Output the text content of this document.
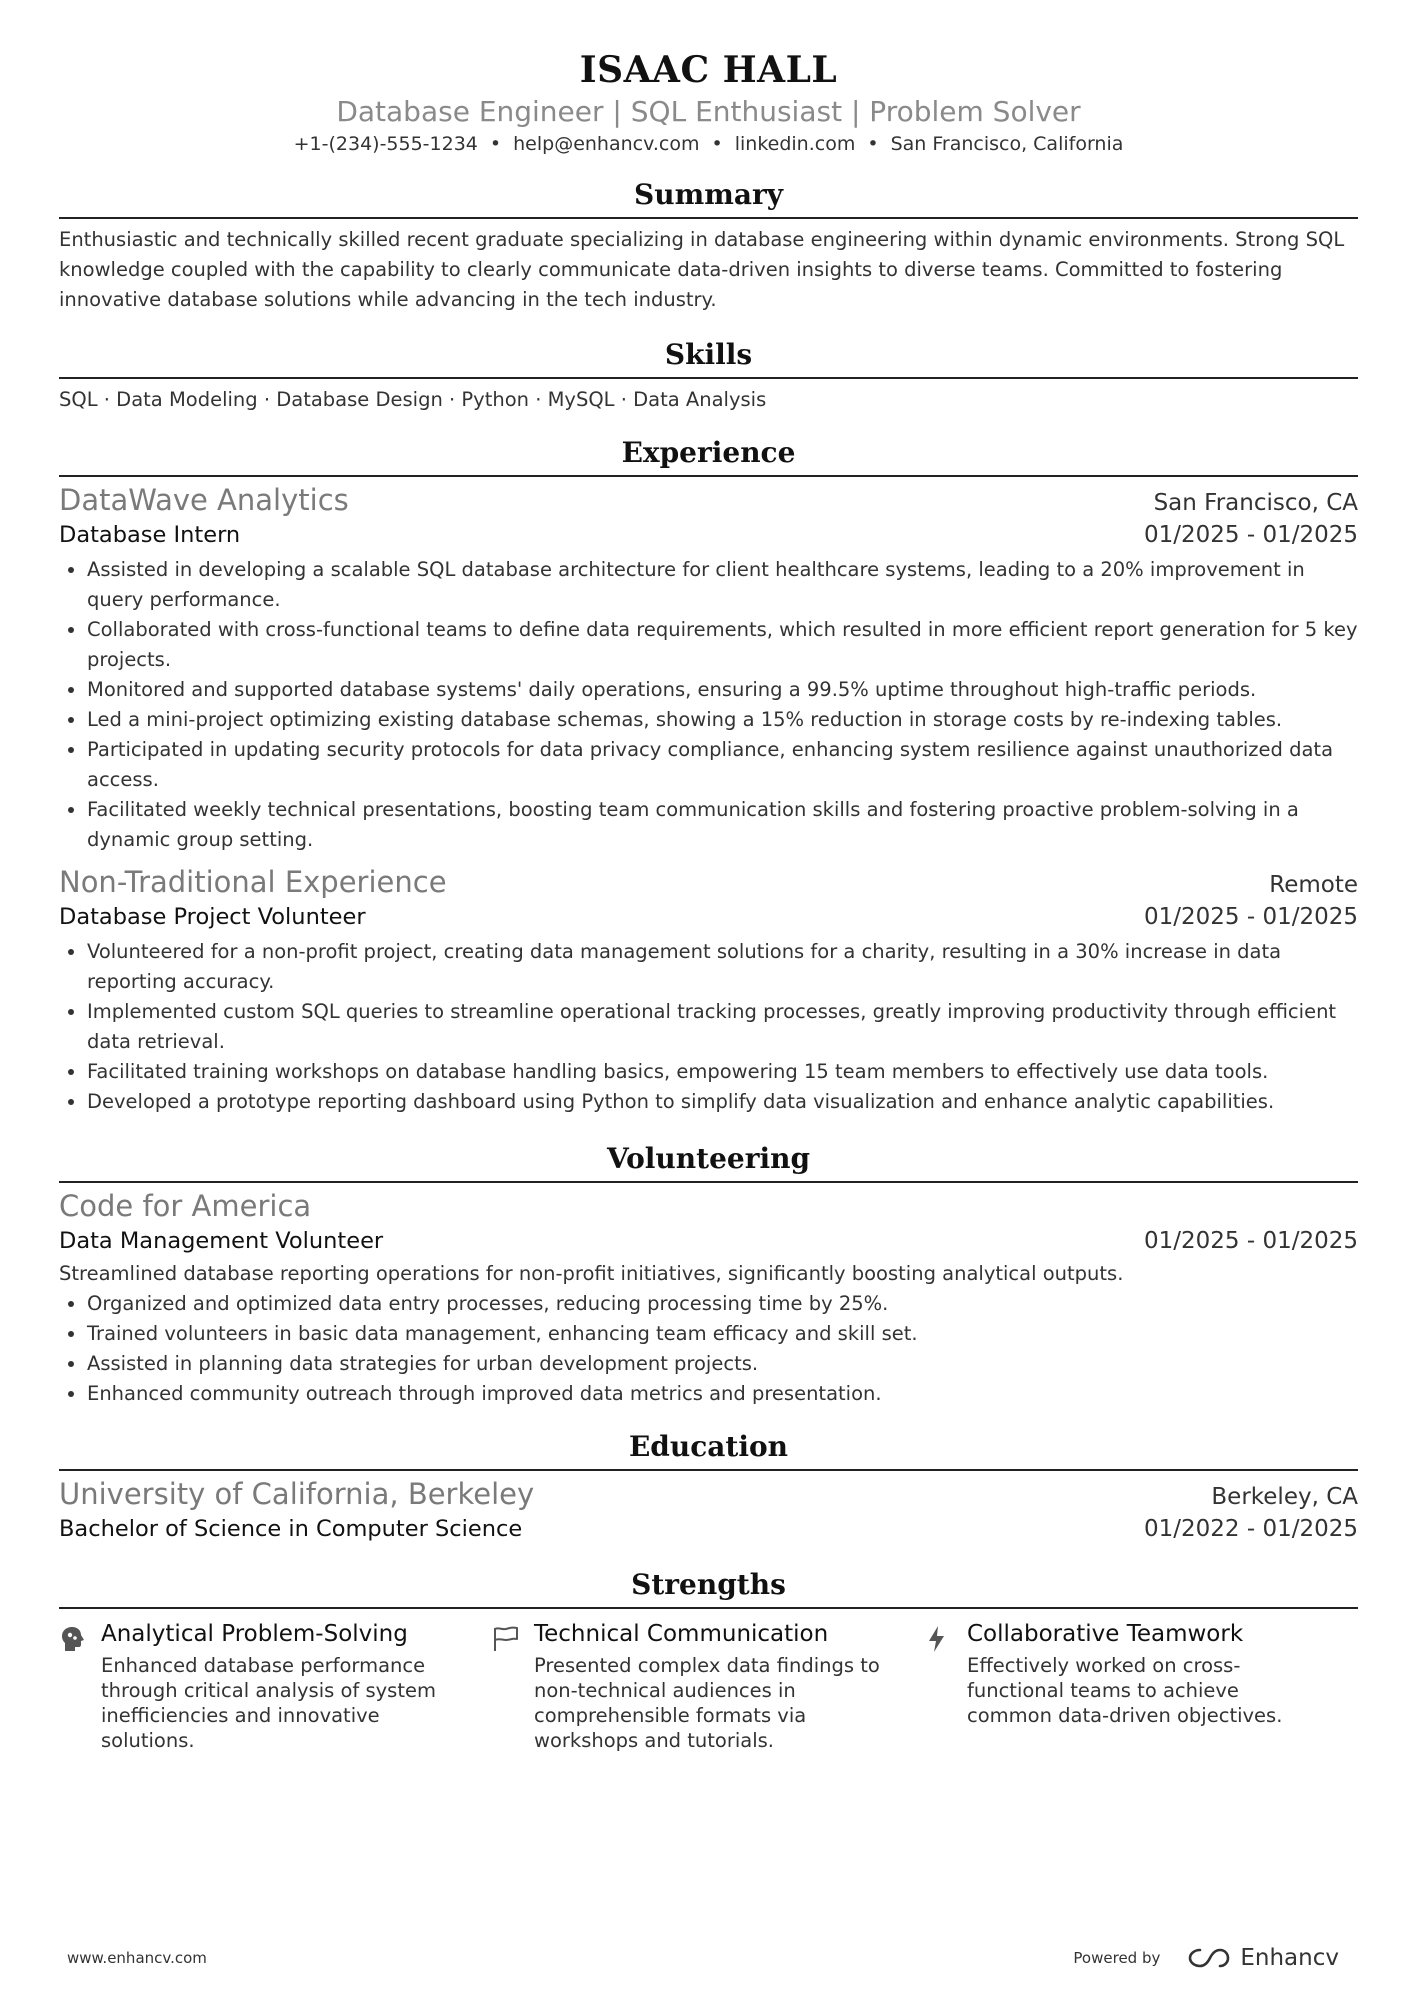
ISAAC HALL
Database Engineer | SQL Enthusiast | Problem Solver
+1-(234)-555-1234 • help@enhancv.com • linkedin.com • San Francisco, California
Summary
Enthusiastic and technically skilled recent graduate specializing in database engineering within dynamic environments. Strong SQL knowledge coupled with the capability to clearly communicate data-driven insights to diverse teams. Committed to fostering innovative database solutions while advancing in the tech industry.
Skills
SQL · Data Modeling · Database Design · Python · MySQL · Data Analysis
Experience
DataWave Analytics	San Francisco, CA
Database Intern	01/2025 - 01/2025
• Assisted in developing a scalable SQL database architecture for client healthcare systems, leading to a 20% improvement in query performance.
• Collaborated with cross-functional teams to define data requirements, which resulted in more efficient report generation for 5 key projects.
• Monitored and supported database systems' daily operations, ensuring a 99.5% uptime throughout high-traffic periods.
• Led a mini-project optimizing existing database schemas, showing a 15% reduction in storage costs by re-indexing tables.
• Participated in updating security protocols for data privacy compliance, enhancing system resilience against unauthorized data access.
• Facilitated weekly technical presentations, boosting team communication skills and fostering proactive problem-solving in a dynamic group setting.
Non-Traditional Experience	Remote
Database Project Volunteer	01/2025 - 01/2025
• Volunteered for a non-profit project, creating data management solutions for a charity, resulting in a 30% increase in data reporting accuracy.
• Implemented custom SQL queries to streamline operational tracking processes, greatly improving productivity through efficient data retrieval.
• Facilitated training workshops on database handling basics, empowering 15 team members to effectively use data tools.
• Developed a prototype reporting dashboard using Python to simplify data visualization and enhance analytic capabilities.
Volunteering
Code for America
Data Management Volunteer	01/2025 - 01/2025
Streamlined database reporting operations for non-profit initiatives, significantly boosting analytical outputs.
• Organized and optimized data entry processes, reducing processing time by 25%.
• Trained volunteers in basic data management, enhancing team efficacy and skill set.
• Assisted in planning data strategies for urban development projects.
• Enhanced community outreach through improved data metrics and presentation.
Education
University of California, Berkeley	Berkeley, CA
Bachelor of Science in Computer Science	01/2022 - 01/2025
Strengths
Analytical Problem-Solving
Enhanced database performance through critical analysis of system inefficiencies and innovative solutions.
Technical Communication
Presented complex data findings to non-technical audiences in comprehensible formats via workshops and tutorials.
Collaborative Teamwork
Effectively worked on cross-functional teams to achieve common data-driven objectives.
www.enhancv.com	Powered by	Enhancv
